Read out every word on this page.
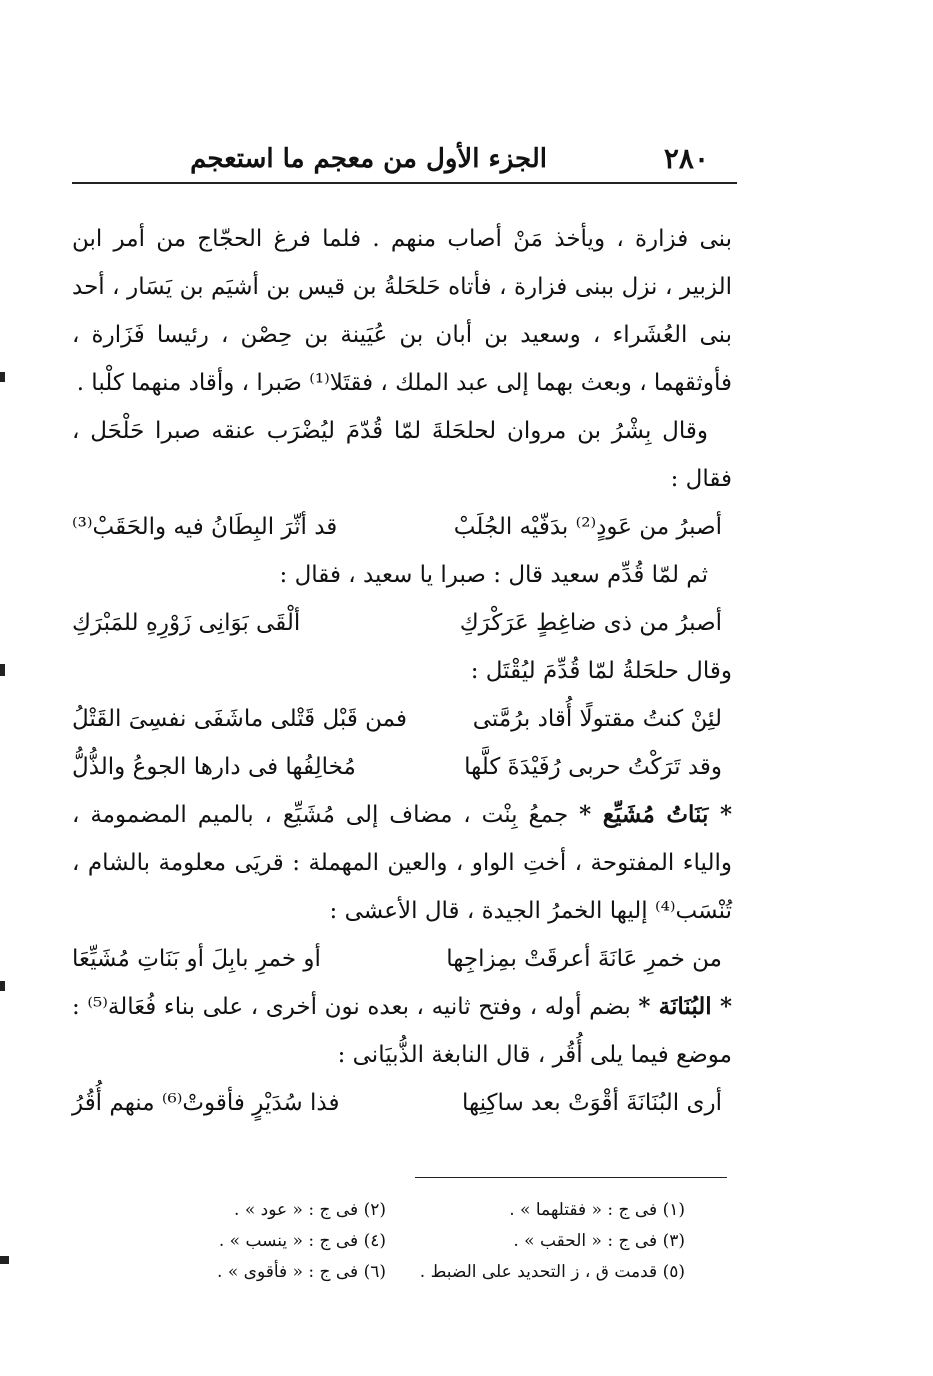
٢٨٠
الجزء الأول من معجم ما استعجم

بنى فزارة ، ويأخذ مَنْ أصاب منهم . فلما فرغ الحجّاج من أمر ابن الزبير ، نزل ببنى فزارة ، فأتاه حَلحَلةُ بن قيس بن أشيَم بن يَسَار ، أحد بنى العُشَراء ، وسعيد بن أبان بن عُيَينة بن حِصْن ، رئيسا فَزَارة ، فأوثقهما ، وبعث بهما إلى عبد الملك ، فقتَلا⁽¹⁾ صَبرا ، وأقاد منهما كلْبا .

وقال بِشْرُ بن مروان لحلحَلةَ لمّا قُدّمَ ليُضْرَب عنقه صبرا حَلْحَل ، فقال :

أصبرُ من عَودٍ⁽²⁾ بدَفّيْه الجُلَبْ
قد أثّرَ البِطَانُ فيه والحَقَبْ⁽³⁾

ثم لمّا قُدِّم سعيد قال : صبرا يا سعيد ، فقال :

أصبرُ من ذى ضاغِطٍ عَرَكْرَكِ
ألْقَى بَوَانِى زَوْرِهِ للمَبْرَكِ

وقال حلحَلةُ لمّا قُدِّمَ ليُقْتَل :

لئِنْ كنتُ مقتولًا أُقاد برُمَّتى
فمن قَبْل قَتْلى ماشَفَى نفسِىَ القَتْلُ
وقد تَرَكْتُ حربى رُفَيْدَةَ كلَّها
مُخالِفُها فى دارها الجوعُ والذُّلُّ

* بَنَاتُ مُشَيِّع * جمعُ بِنْت ، مضاف إلى مُشَيِّع ، بالميم المضمومة ، والياء المفتوحة ، أختِ الواو ، والعين المهملة : قريَى معلومة بالشام ، تُنْسَب⁽⁴⁾ إليها الخمرُ الجيدة ، قال الأعشى :

من خمرِ عَانَةَ أعرقَتْ بمِزاجِها
أو خمرِ بابِلَ أو بَنَاتِ مُشَيِّعَا

* البُنَانَة * بضم أوله ، وفتح ثانيه ، بعده نون أخرى ، على بناء فُعَالة⁽⁵⁾ : موضع فيما يلى أُقُر ، قال النابغة الذُّبيَانى :

أرى البُنَانَةَ أقْوَتْ بعد ساكِنِها
فذا سُدَيْرٍ فأقوتْ⁽⁶⁾ منهم أُقُرُ
(١) فى ج : « فقتلهما » .
(٢) فى ج : « عود » .
(٣) فى ج : « الحقب » .
(٤) فى ج : « ينسب » .
(٥) قدمت ق ، ز التحديد على الضبط .
(٦) فى ج : « فأقوى » .
